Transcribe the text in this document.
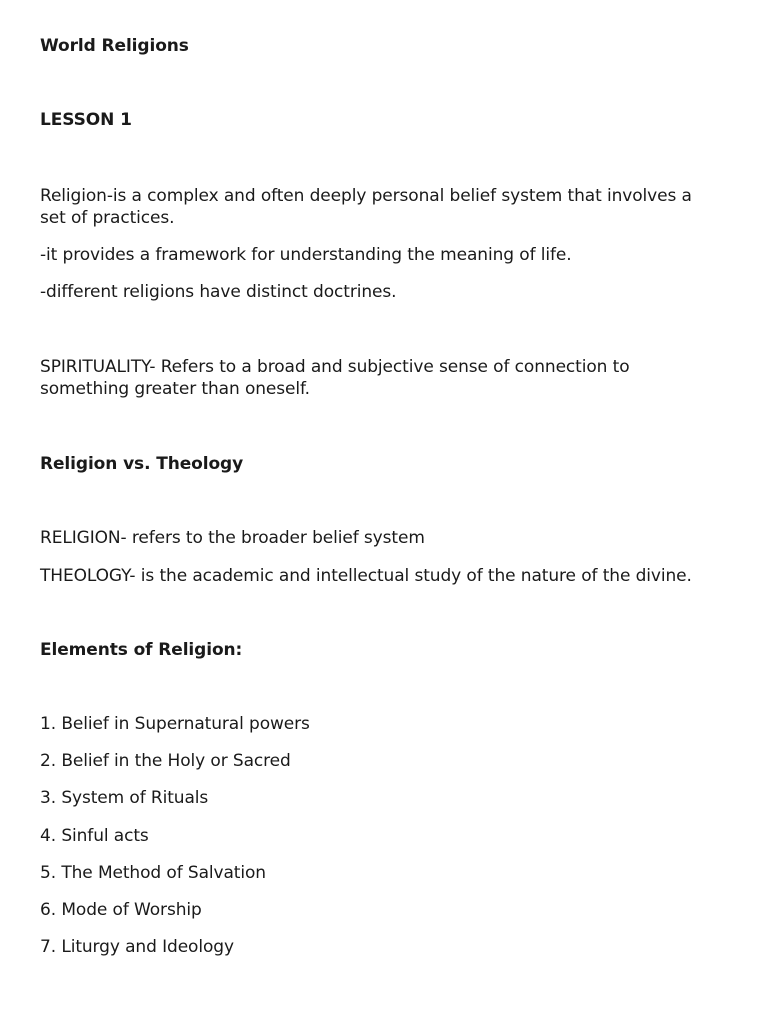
World Religions
LESSON 1
Religion-is a complex and often deeply personal belief system that involves a set of practices.
-it provides a framework for understanding the meaning of life.
-different religions have distinct doctrines.
SPIRITUALITY- Refers to a broad and subjective sense of connection to something greater than oneself.
Religion vs. Theology
RELIGION- refers to the broader belief system
THEOLOGY- is the academic and intellectual study of the nature of the divine.
Elements of Religion:
1. Belief in Supernatural powers
2. Belief in the Holy or Sacred
3. System of Rituals
4. Sinful acts
5. The Method of Salvation
6. Mode of Worship
7. Liturgy and Ideology
